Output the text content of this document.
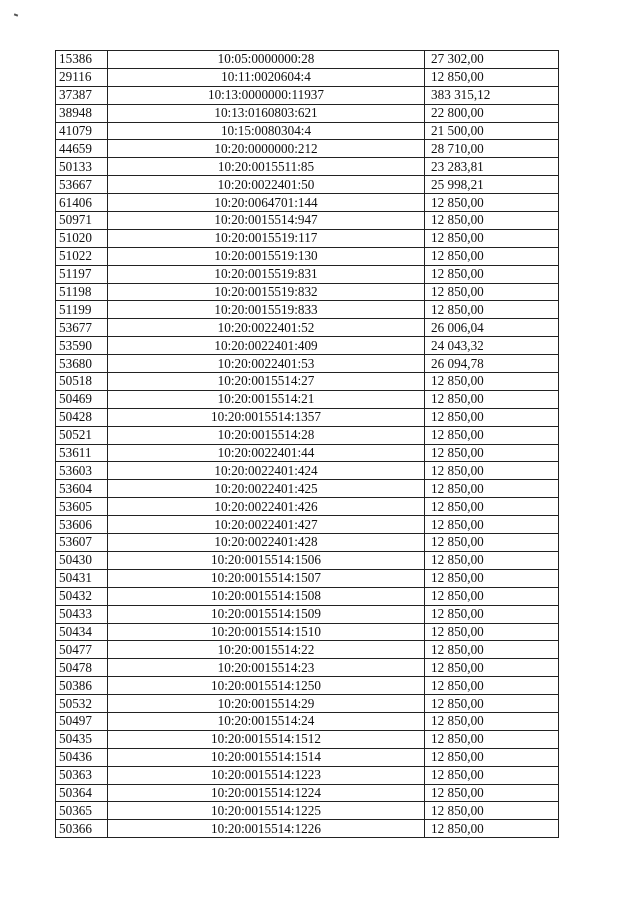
15386	10:05:0000000:28	27 302,00
29116	10:11:0020604:4	12 850,00
37387	10:13:0000000:11937	383 315,12
38948	10:13:0160803:621	22 800,00
41079	10:15:0080304:4	21 500,00
44659	10:20:0000000:212	28 710,00
50133	10:20:0015511:85	23 283,81
53667	10:20:0022401:50	25 998,21
61406	10:20:0064701:144	12 850,00
50971	10:20:0015514:947	12 850,00
51020	10:20:0015519:117	12 850,00
51022	10:20:0015519:130	12 850,00
51197	10:20:0015519:831	12 850,00
51198	10:20:0015519:832	12 850,00
51199	10:20:0015519:833	12 850,00
53677	10:20:0022401:52	26 006,04
53590	10:20:0022401:409	24 043,32
53680	10:20:0022401:53	26 094,78
50518	10:20:0015514:27	12 850,00
50469	10:20:0015514:21	12 850,00
50428	10:20:0015514:1357	12 850,00
50521	10:20:0015514:28	12 850,00
53611	10:20:0022401:44	12 850,00
53603	10:20:0022401:424	12 850,00
53604	10:20:0022401:425	12 850,00
53605	10:20:0022401:426	12 850,00
53606	10:20:0022401:427	12 850,00
53607	10:20:0022401:428	12 850,00
50430	10:20:0015514:1506	12 850,00
50431	10:20:0015514:1507	12 850,00
50432	10:20:0015514:1508	12 850,00
50433	10:20:0015514:1509	12 850,00
50434	10:20:0015514:1510	12 850,00
50477	10:20:0015514:22	12 850,00
50478	10:20:0015514:23	12 850,00
50386	10:20:0015514:1250	12 850,00
50532	10:20:0015514:29	12 850,00
50497	10:20:0015514:24	12 850,00
50435	10:20:0015514:1512	12 850,00
50436	10:20:0015514:1514	12 850,00
50363	10:20:0015514:1223	12 850,00
50364	10:20:0015514:1224	12 850,00
50365	10:20:0015514:1225	12 850,00
50366	10:20:0015514:1226	12 850,00
